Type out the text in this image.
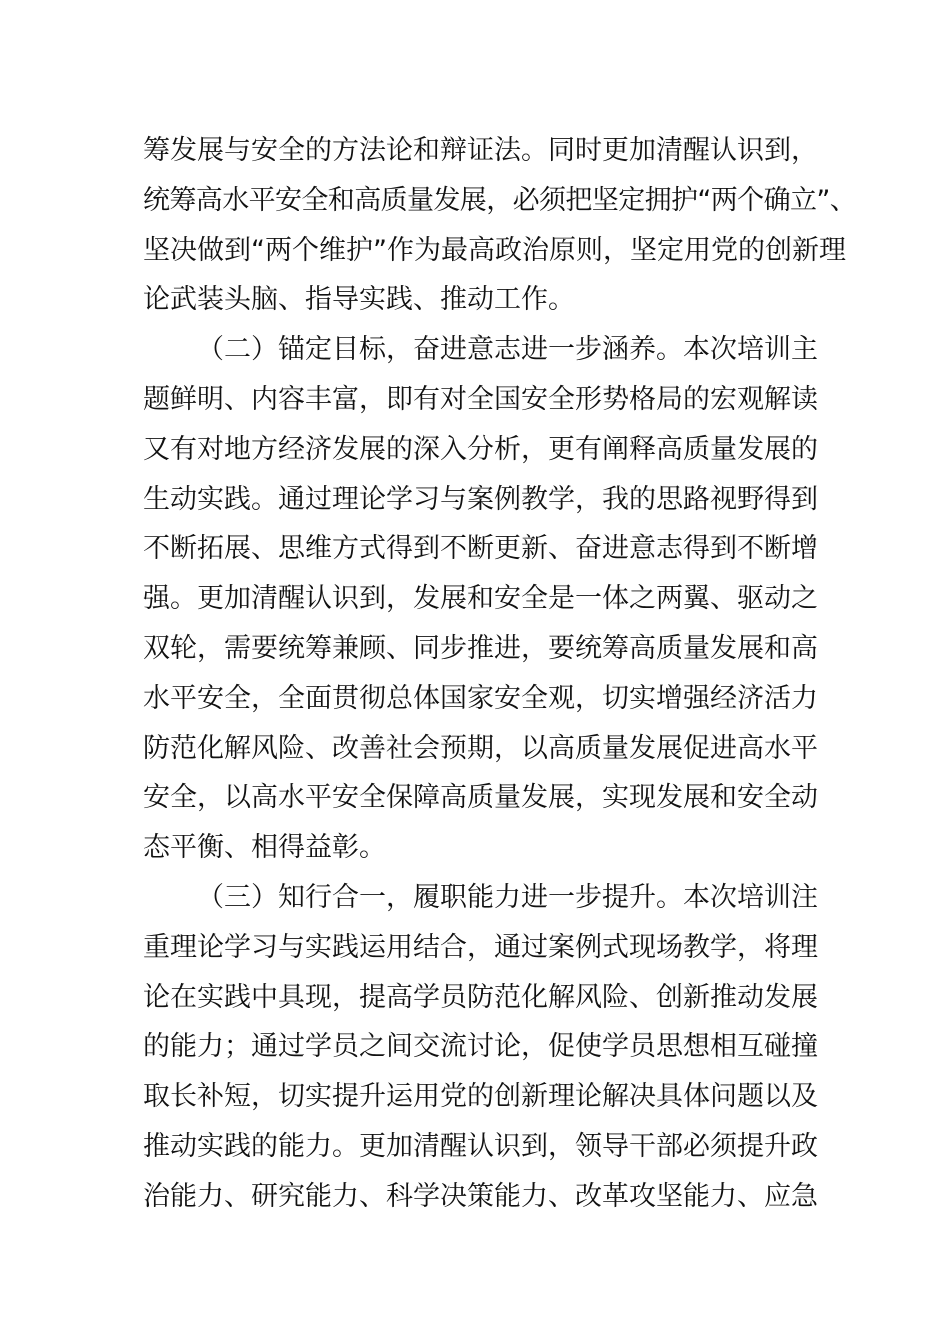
筹发展与安全的方法论和辩证法。同时更加清醒认识到，
统筹高水平安全和高质量发展，必须把坚定拥护“两个确立”、
坚决做到“两个维护”作为最高政治原则，坚定用党的创新理
论武装头脑、指导实践、推动工作。
（二）锚定目标，奋进意志进一步涵养。本次培训主
题鲜明、内容丰富，即有对全国安全形势格局的宏观解读
又有对地方经济发展的深入分析，更有阐释高质量发展的
生动实践。通过理论学习与案例教学，我的思路视野得到
不断拓展、思维方式得到不断更新、奋进意志得到不断增
强。更加清醒认识到，发展和安全是一体之两翼、驱动之
双轮，需要统筹兼顾、同步推进，要统筹高质量发展和高
水平安全，全面贯彻总体国家安全观，切实增强经济活力
防范化解风险、改善社会预期，以高质量发展促进高水平
安全，以高水平安全保障高质量发展，实现发展和安全动
态平衡、相得益彰。
（三）知行合一，履职能力进一步提升。本次培训注
重理论学习与实践运用结合，通过案例式现场教学，将理
论在实践中具现，提高学员防范化解风险、创新推动发展
的能力；通过学员之间交流讨论，促使学员思想相互碰撞
取长补短，切实提升运用党的创新理论解决具体问题以及
推动实践的能力。更加清醒认识到，领导干部必须提升政
治能力、研究能力、科学决策能力、改革攻坚能力、应急
